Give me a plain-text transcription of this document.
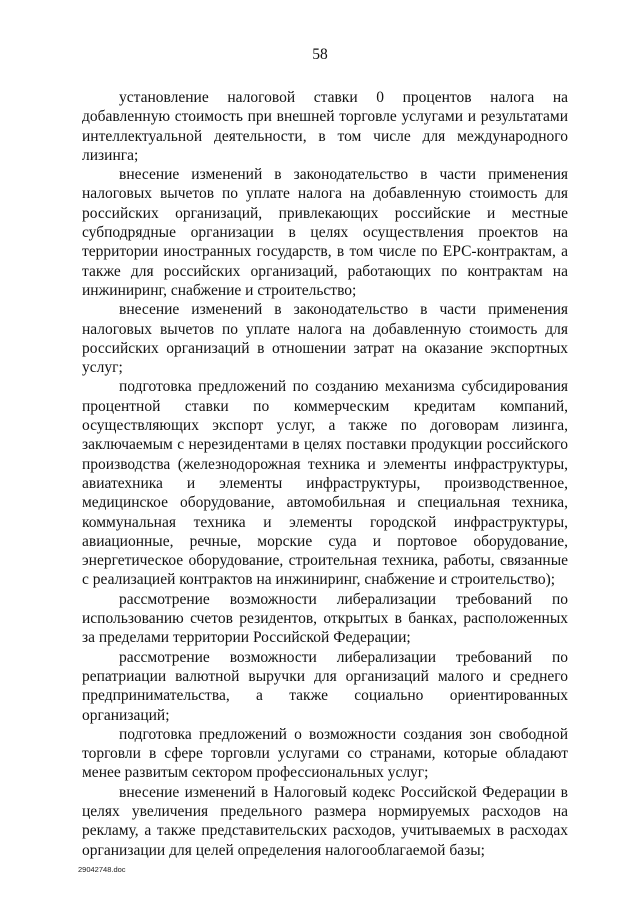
58

установление налоговой ставки 0 процентов налога на добавленную стоимость при внешней торговле услугами и результатами интеллектуальной деятельности, в том числе для международного лизинга;

внесение изменений в законодательство в части применения налоговых вычетов по уплате налога на добавленную стоимость для российских организаций, привлекающих российские и местные субподрядные организации в целях осуществления проектов на территории иностранных государств, в том числе по ЕРС-контрактам, а также для российских организаций, работающих по контрактам на инжиниринг, снабжение и строительство;

внесение изменений в законодательство в части применения налоговых вычетов по уплате налога на добавленную стоимость для российских организаций в отношении затрат на оказание экспортных услуг;

подготовка предложений по созданию механизма субсидирования процентной ставки по коммерческим кредитам компаний, осуществляющих экспорт услуг, а также по договорам лизинга, заключаемым с нерезидентами в целях поставки продукции российского производства (железнодорожная техника и элементы инфраструктуры, авиатехника и элементы инфраструктуры, производственное, медицинское оборудование, автомобильная и специальная техника, коммунальная техника и элементы городской инфраструктуры, авиационные, речные, морские суда и портовое оборудование, энергетическое оборудование, строительная техника, работы, связанные с реализацией контрактов на инжиниринг, снабжение и строительство);

рассмотрение возможности либерализации требований по использованию счетов резидентов, открытых в банках, расположенных за пределами территории Российской Федерации;

рассмотрение возможности либерализации требований по репатриации валютной выручки для организаций малого и среднего предпринимательства, а также социально ориентированных организаций;

подготовка предложений о возможности создания зон свободной торговли в сфере торговли услугами со странами, которые обладают менее развитым сектором профессиональных услуг;

внесение изменений в Налоговый кодекс Российской Федерации в целях увеличения предельного размера нормируемых расходов на рекламу, а также представительских расходов, учитываемых в расходах организации для целей определения налогооблагаемой базы;

29042748.doc
